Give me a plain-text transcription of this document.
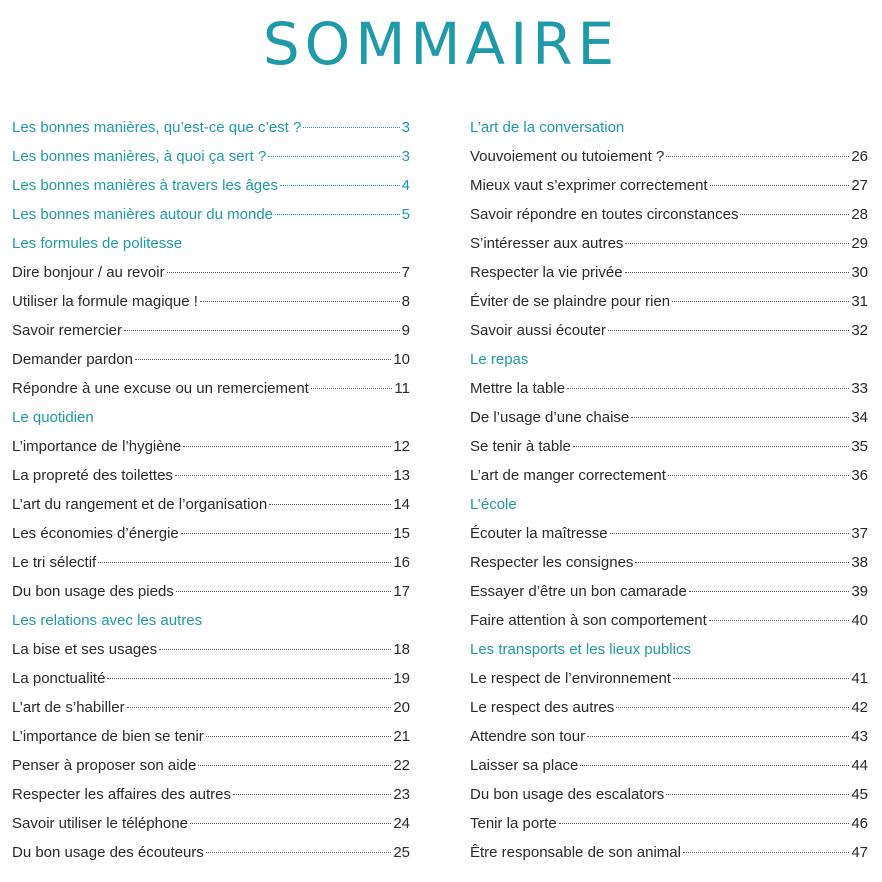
SOMMAIRE
Les bonnes manières, qu’est-ce que c’est ?	3
Les bonnes manières, à quoi ça sert ?	3
Les bonnes manières à travers les âges	4
Les bonnes manières autour du monde	5
Les formules de politesse
Dire bonjour / au revoir	7
Utiliser la formule magique !	8
Savoir remercier	9
Demander pardon	10
Répondre à une excuse ou un remerciement	11
Le quotidien
L’importance de l’hygiène	12
La propreté des toilettes	13
L’art du rangement et de l’organisation	14
Les économies d’énergie	15
Le tri sélectif	16
Du bon usage des pieds	17
Les relations avec les autres
La bise et ses usages	18
La ponctualité	19
L’art de s’habiller	20
L’importance de bien se tenir	21
Penser à proposer son aide	22
Respecter les affaires des autres	23
Savoir utiliser le téléphone	24
Du bon usage des écouteurs	25
L’art de la conversation
Vouvoiement ou tutoiement ?	26
Mieux vaut s’exprimer correctement	27
Savoir répondre en toutes circonstances	28
S’intéresser aux autres	29
Respecter la vie privée	30
Éviter de se plaindre pour rien	31
Savoir aussi écouter	32
Le repas
Mettre la table	33
De l’usage d’une chaise	34
Se tenir à table	35
L’art de manger correctement	36
L’école
Écouter la maîtresse	37
Respecter les consignes	38
Essayer d’être un bon camarade	39
Faire attention à son comportement	40
Les transports et les lieux publics
Le respect de l’environnement	41
Le respect des autres	42
Attendre son tour	43
Laisser sa place	44
Du bon usage des escalators	45
Tenir la porte	46
Être responsable de son animal	47
